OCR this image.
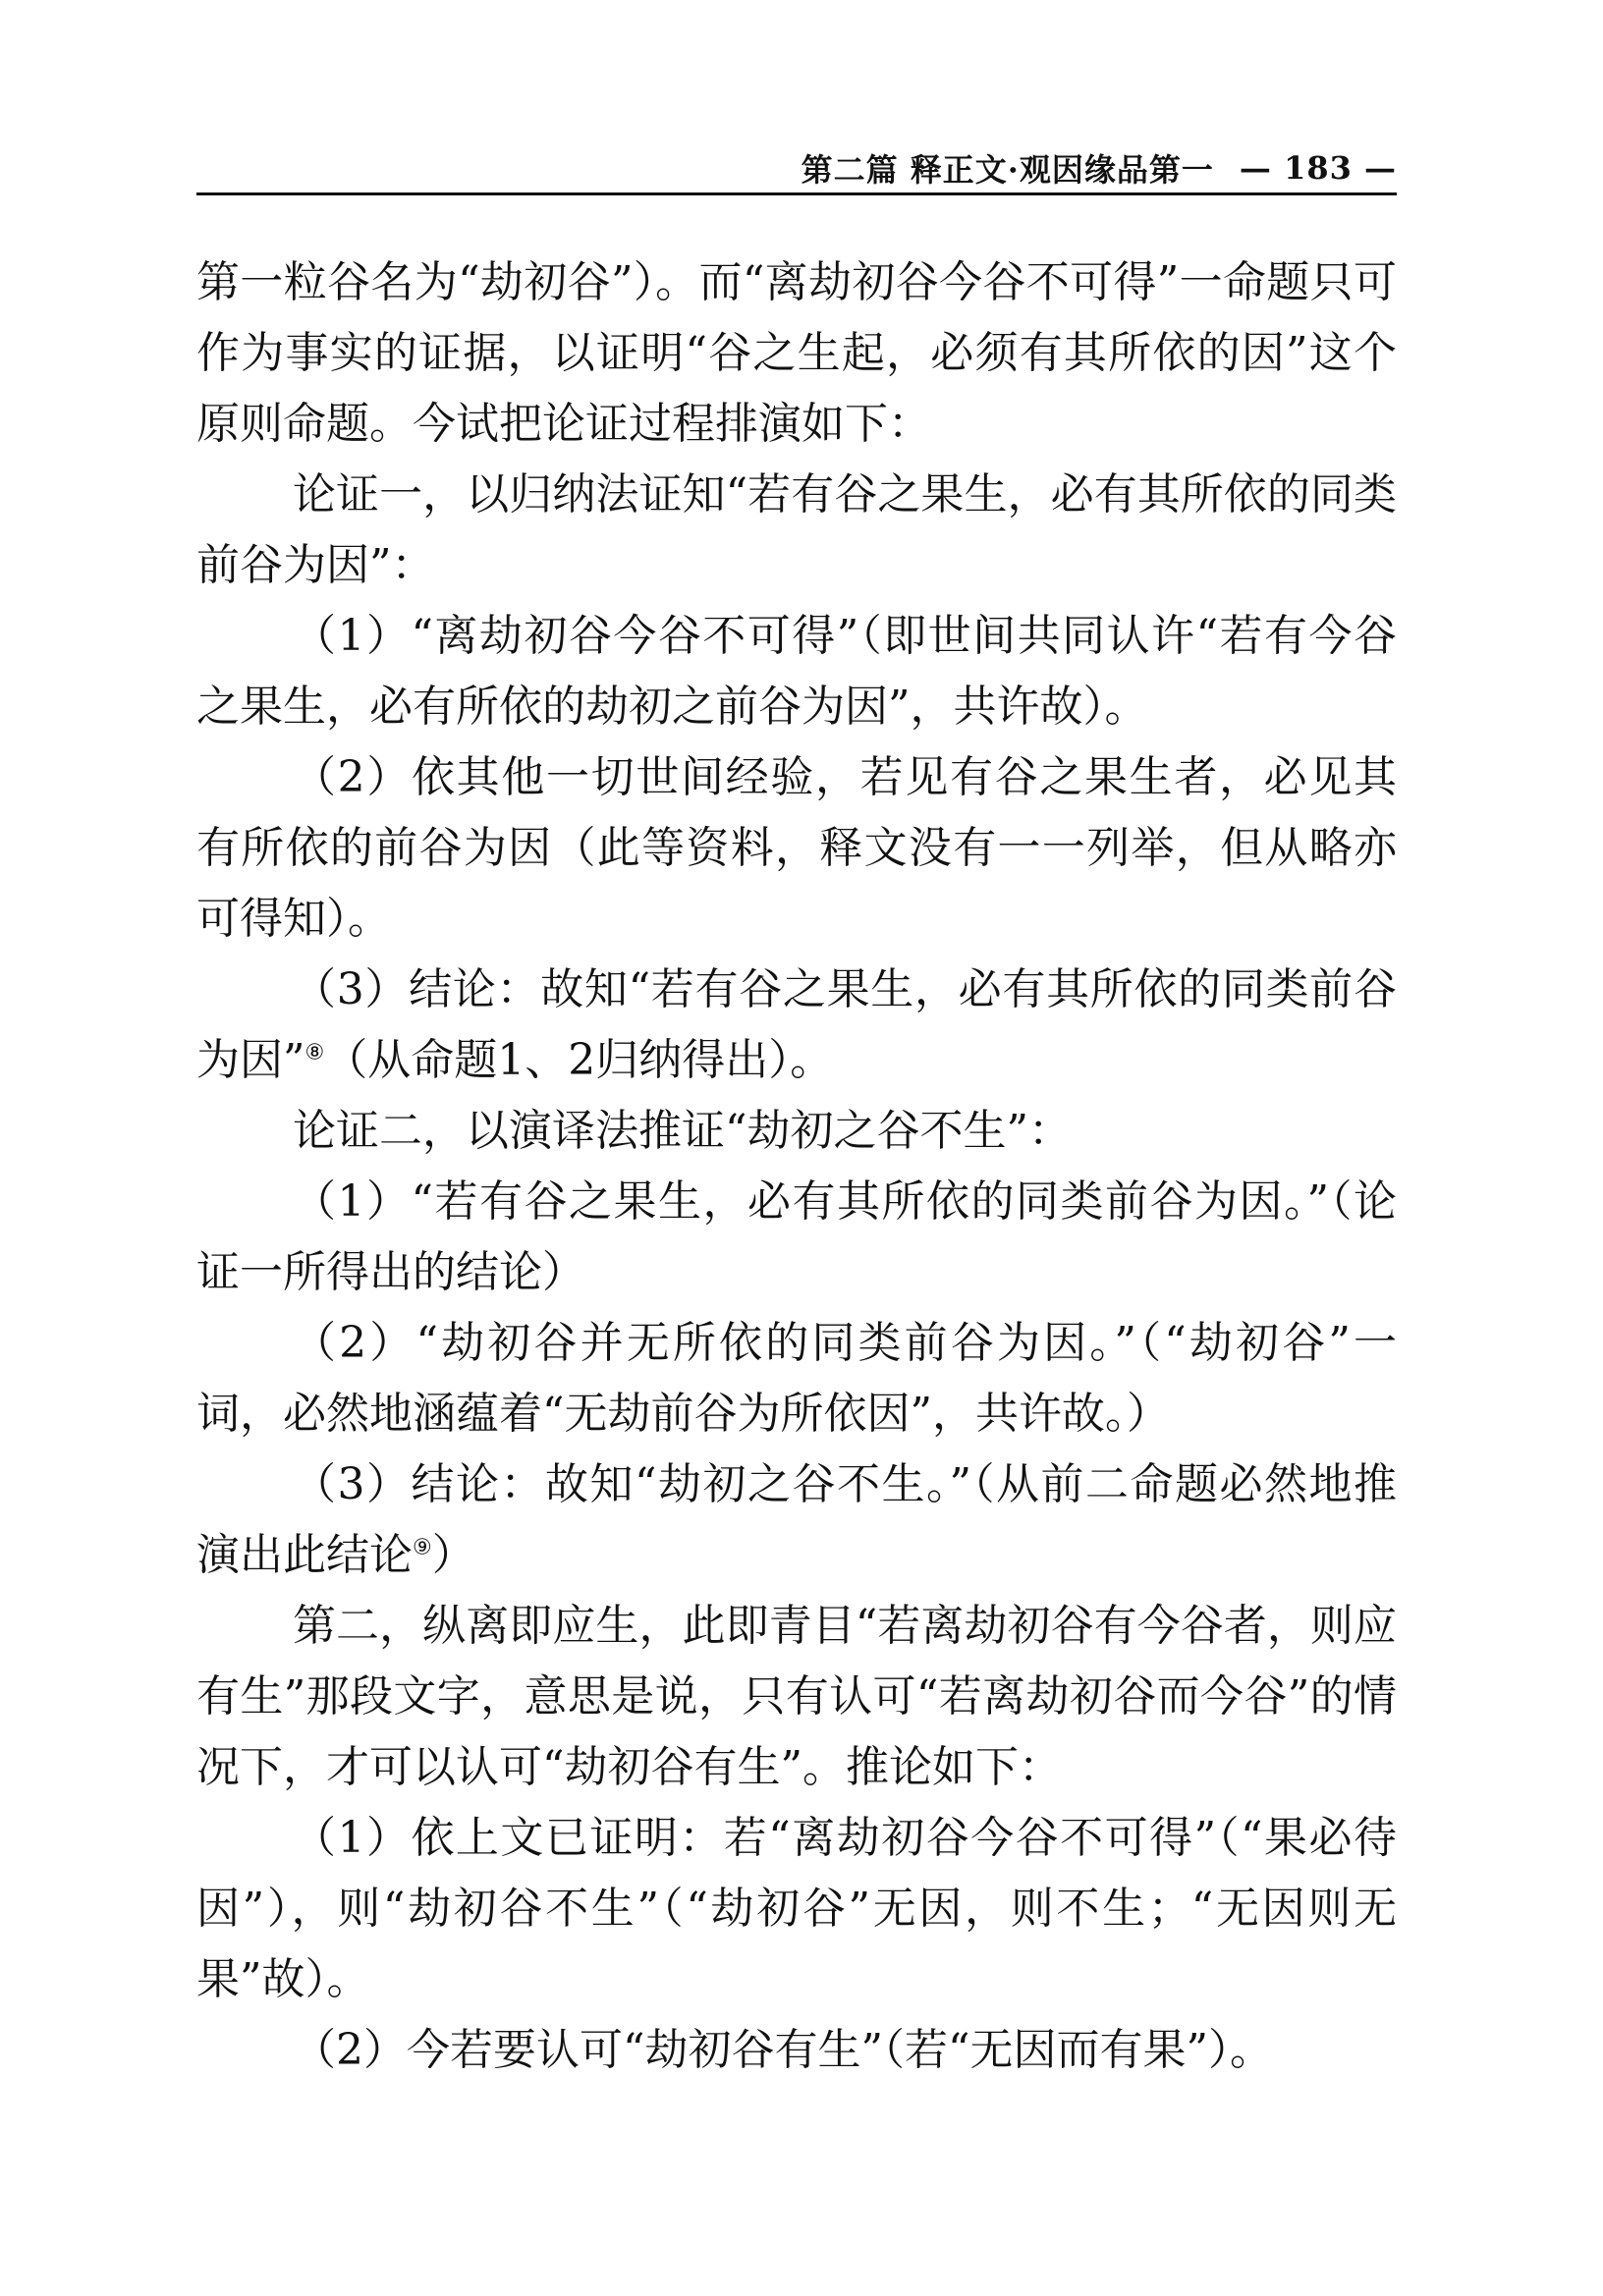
第二篇 释正文·观因缘品第一 — 183 —

第一粒谷名为“劫初谷”）。而“离劫初谷今谷不可得”一命题只可作为事实的证据，以证明“谷之生起，必须有其所依的因”这个原则命题。今试把论证过程排演如下：

论证一，以归纳法证知“若有谷之果生，必有其所依的同类前谷为因”：

（1）“离劫初谷今谷不可得”（即世间共同认许“若有今谷之果生，必有所依的劫初之前谷为因”，共许故）。

（2）依其他一切世间经验，若见有谷之果生者，必见其有所依的前谷为因（此等资料，释文没有一一列举，但从略亦可得知）。

（3）结论：故知“若有谷之果生，必有其所依的同类前谷为因”⑧（从命题1、2归纳得出）。

论证二，以演译法推证“劫初之谷不生”：

（1）“若有谷之果生，必有其所依的同类前谷为因。”（论证一所得出的结论）

（2）“劫初谷并无所依的同类前谷为因。”（“劫初谷”一词，必然地涵蕴着“无劫前谷为所依因”，共许故。）

（3）结论：故知“劫初之谷不生。”（从前二命题必然地推演出此结论⑨）

第二，纵离即应生，此即青目“若离劫初谷有今谷者，则应有生”那段文字，意思是说，只有认可“若离劫初谷而今谷”的情况下，才可以认可“劫初谷有生”。推论如下：

（1）依上文已证明：若“离劫初谷今谷不可得”（“果必待因”），则“劫初谷不生”（“劫初谷”无因，则不生；“无因则无果”故）。

（2）今若要认可“劫初谷有生”（若“无因而有果”）。
